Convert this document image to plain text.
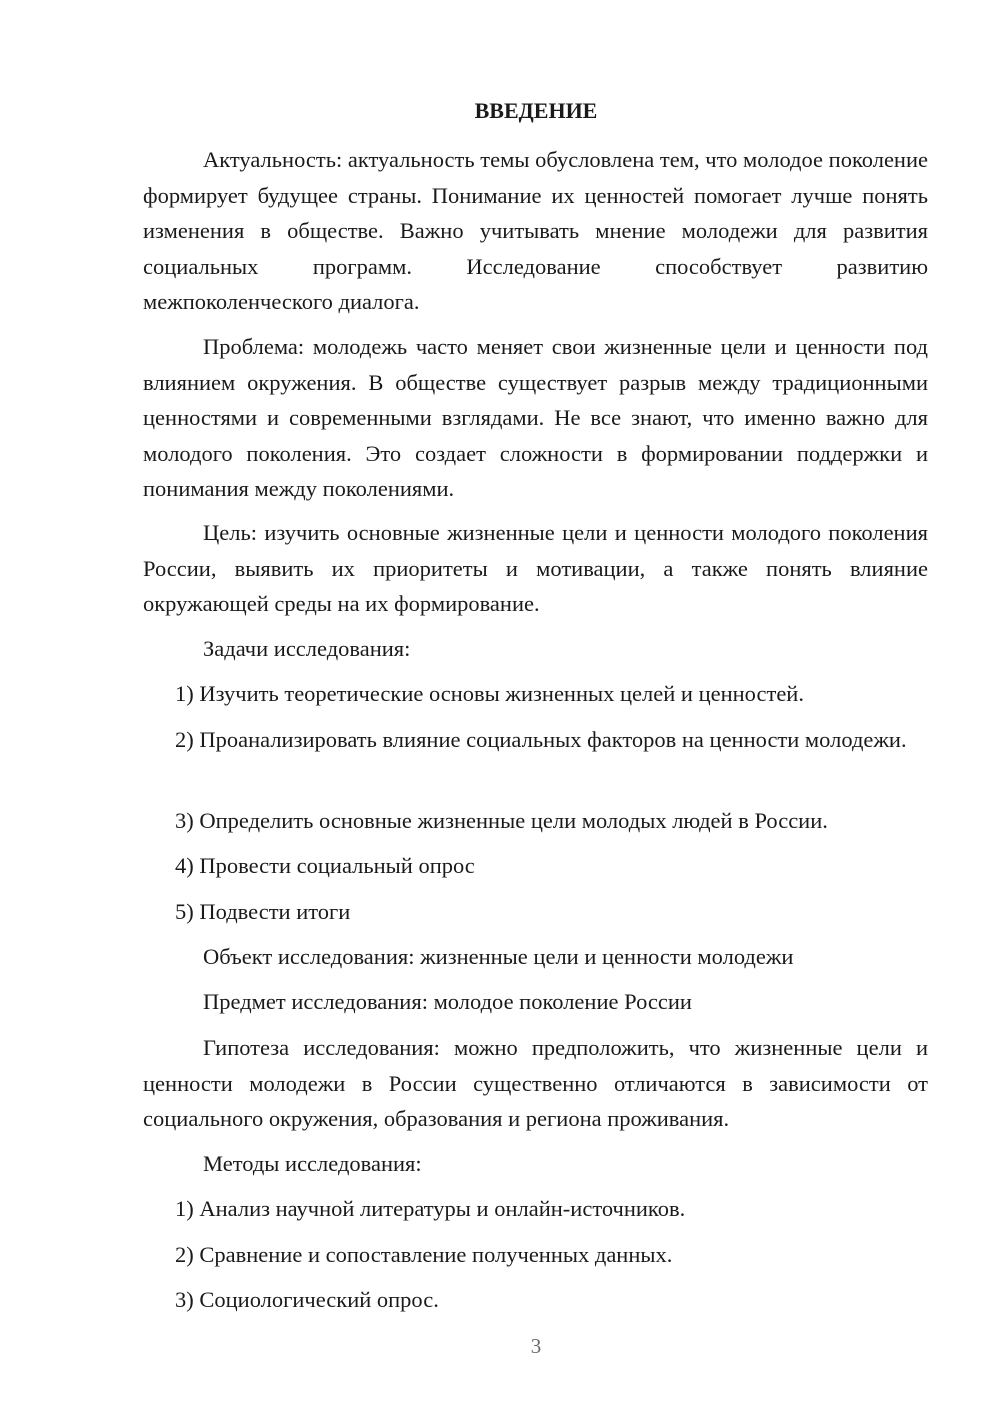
ВВЕДЕНИЕ

Актуальность: актуальность темы обусловлена тем, что молодое поколение формирует будущее страны. Понимание их ценностей помогает лучше понять изменения в обществе. Важно учитывать мнение молодежи для развития социальных программ. Исследование способствует развитию межпоколенческого диалога.

Проблема: молодежь часто меняет свои жизненные цели и ценности под влиянием окружения. В обществе существует разрыв между традиционными ценностями и современными взглядами. Не все знают, что именно важно для молодого поколения. Это создает сложности в формировании поддержки и понимания между поколениями.

Цель: изучить основные жизненные цели и ценности молодого поколения России, выявить их приоритеты и мотивации, а также понять влияние окружающей среды на их формирование.

Задачи исследования:

1) Изучить теоретические основы жизненных целей и ценностей.

2) Проанализировать влияние социальных факторов на ценности молодежи.

3) Определить основные жизненные цели молодых людей в России.

4) Провести социальный опрос

5) Подвести итоги

Объект исследования: жизненные цели и ценности молодежи

Предмет исследования: молодое поколение России

Гипотеза исследования: можно предположить, что жизненные цели и ценности молодежи в России существенно отличаются в зависимости от социального окружения, образования и региона проживания.

Методы исследования:

1) Анализ научной литературы и онлайн-источников.

2) Сравнение и сопоставление полученных данных.

3) Социологический опрос.

3
